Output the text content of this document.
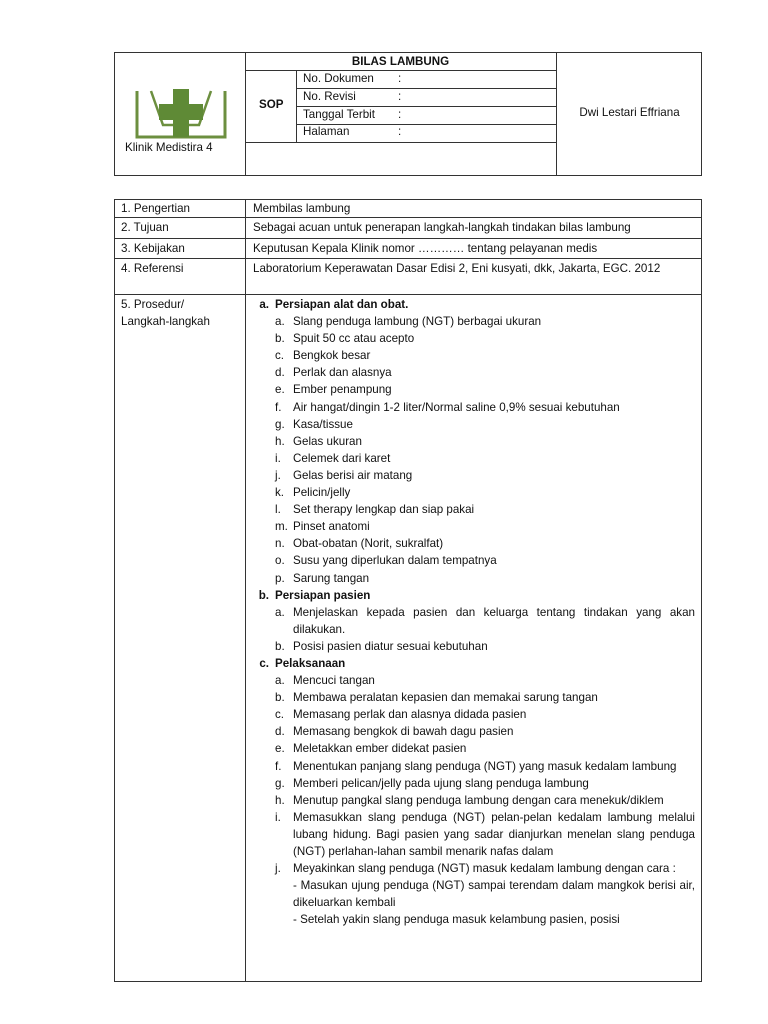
Klinik Medistira 4
BILAS LAMBUNG
SOP
No. Dokumen :
No. Revisi	:
Tanggal Terbit :
Halaman	:
Dwi Lestari Effriana
1. Pengertian	Membilas lambung
2. Tujuan	Sebagai acuan untuk penerapan langkah-langkah tindakan bilas lambung
3. Kebijakan	Keputusan Kepala Klinik nomor ………… tentang pelayanan medis
4. Referensi	Laboratorium Keperawatan Dasar Edisi 2, Eni kusyati, dkk, Jakarta, EGC. 2012
5. Prosedur/
Langkah-langkah
a. Persiapan alat dan obat.
a. Slang penduga lambung (NGT) berbagai ukuran
b. Spuit 50 cc atau acepto
c. Bengkok besar
d. Perlak dan alasnya
e. Ember penampung
f. Air hangat/dingin 1-2 liter/Normal saline 0,9% sesuai kebutuhan
g. Kasa/tissue
h. Gelas ukuran
i.	Celemek dari karet
j.	Gelas berisi air matang
k. Pelicin/jelly
l.	Set therapy lengkap dan siap pakai
m. Pinset anatomi
n. Obat-obatan (Norit, sukralfat)
o. Susu yang diperlukan dalam tempatnya
p. Sarung tangan
b. Persiapan pasien
a. Menjelaskan kepada pasien dan keluarga tentang tindakan yang akan dilakukan.
b. Posisi pasien diatur sesuai kebutuhan
c. Pelaksanaan
a. Mencuci tangan
b. Membawa peralatan kepasien dan memakai sarung tangan
c. Memasang perlak dan alasnya didada pasien
d. Memasang bengkok di bawah dagu pasien
e. Meletakkan ember didekat pasien
f. Menentukan panjang slang penduga (NGT) yang masuk kedalam lambung
g. Memberi pelican/jelly pada ujung slang penduga lambung
h. Menutup pangkal slang penduga lambung dengan cara menekuk/diklem
i.	Memasukkan slang penduga (NGT) pelan-pelan kedalam lambung melalui lubang hidung. Bagi pasien yang sadar dianjurkan menelan slang penduga (NGT) perlahan-lahan sambil menarik nafas dalam
j.	Meyakinkan slang penduga (NGT) masuk kedalam lambung dengan cara :
- Masukan ujung penduga (NGT) sampai terendam dalam mangkok berisi air, dikeluarkan kembali
- Setelah yakin slang penduga masuk kelambung pasien, posisi
